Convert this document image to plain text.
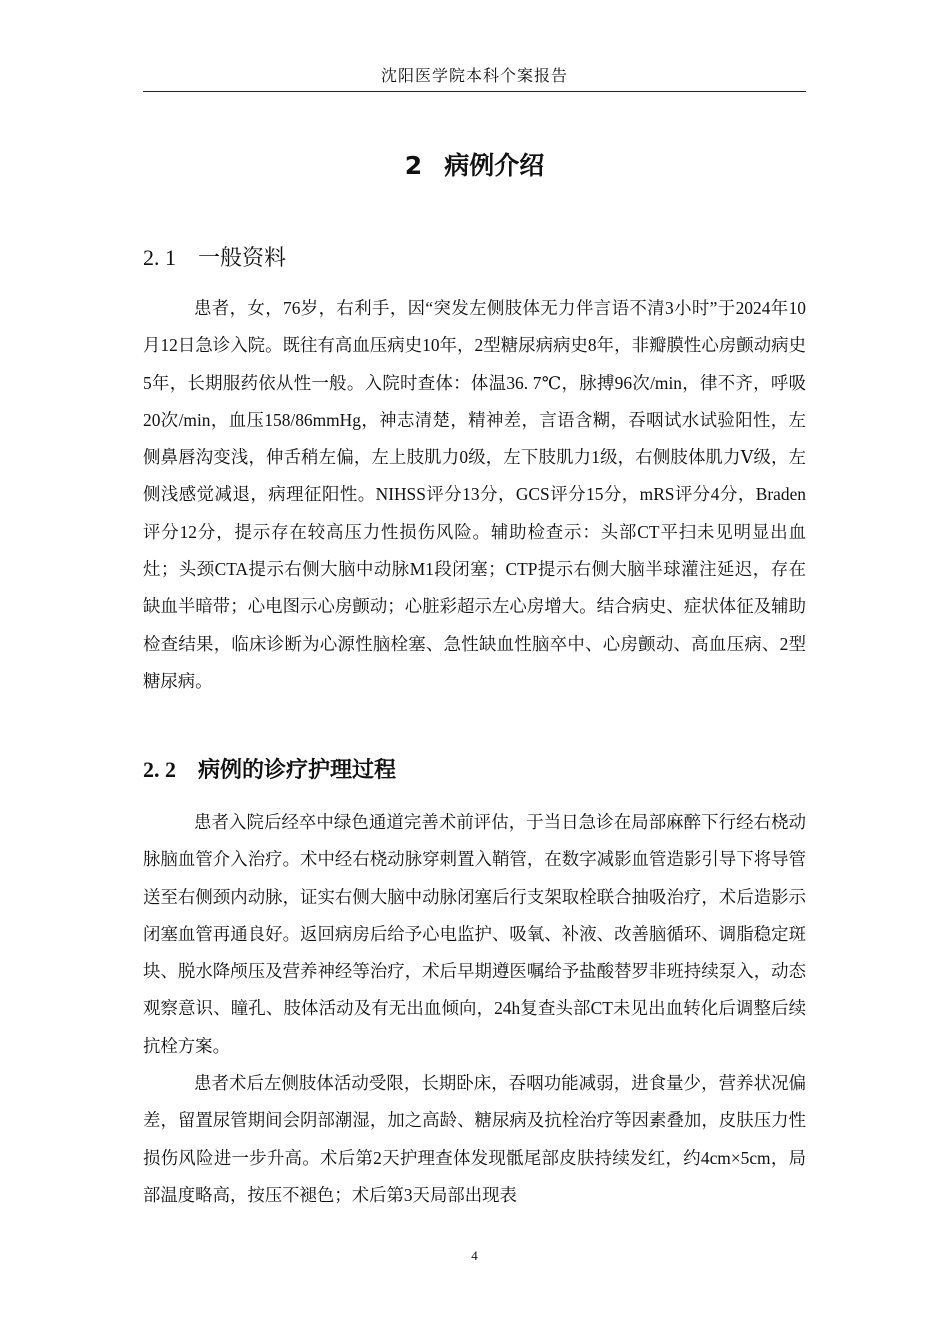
沈阳医学院本科个案报告
2 病例介绍
2. 1 一般资料

患者，女，76岁，右利手，因“突发左侧肢体无力伴言语不清3小时”于2024年10月12日急诊入院。既往有高血压病史10年，2型糖尿病病史8年，非瓣膜性心房颤动病史5年，长期服药依从性一般。入院时查体：体温36. 7℃，脉搏96次/min，律不齐，呼吸20次/min，血压158/86mmHg，神志清楚，精神差，言语含糊，吞咽试水试验阳性，左侧鼻唇沟变浅，伸舌稍左偏，左上肢肌力0级，左下肢肌力1级，右侧肢体肌力Ⅴ级，左侧浅感觉减退，病理征阳性。NIHSS评分13分，GCS评分15分，mRS评分4分，Braden评分12分，提示存在较高压力性损伤风险。辅助检查示：头部CT平扫未见明显出血灶；头颈CTA提示右侧大脑中动脉M1段闭塞；CTP提示右侧大脑半球灌注延迟，存在缺血半暗带；心电图示心房颤动；心脏彩超示左心房增大。结合病史、症状体征及辅助检查结果，临床诊断为心源性脑栓塞、急性缺血性脑卒中、心房颤动、高血压病、2型糖尿病。

2. 2 病例的诊疗护理过程

患者入院后经卒中绿色通道完善术前评估，于当日急诊在局部麻醉下行经右桡动脉脑血管介入治疗。术中经右桡动脉穿刺置入鞘管，在数字减影血管造影引导下将导管送至右侧颈内动脉，证实右侧大脑中动脉闭塞后行支架取栓联合抽吸治疗，术后造影示闭塞血管再通良好。返回病房后给予心电监护、吸氧、补液、改善脑循环、调脂稳定斑块、脱水降颅压及营养神经等治疗，术后早期遵医嘱给予盐酸替罗非班持续泵入，动态观察意识、瞳孔、肢体活动及有无出血倾向，24h复查头部CT未见出血转化后调整后续抗栓方案。

患者术后左侧肢体活动受限，长期卧床，吞咽功能减弱，进食量少，营养状况偏差，留置尿管期间会阴部潮湿，加之高龄、糖尿病及抗栓治疗等因素叠加，皮肤压力性损伤风险进一步升高。术后第2天护理查体发现骶尾部皮肤持续发红，约4cm×5cm，局部温度略高，按压不褪色；术后第3天局部出现表

4
